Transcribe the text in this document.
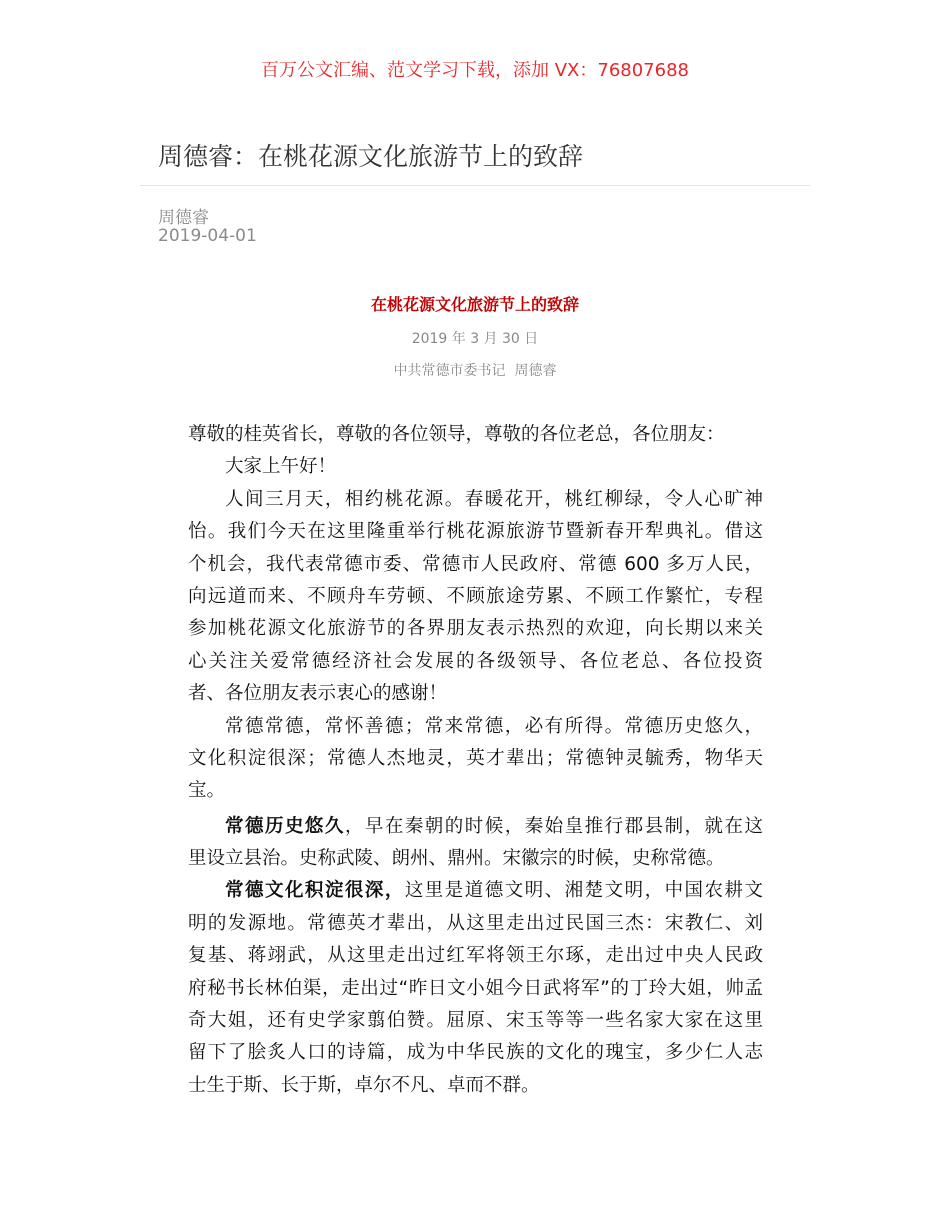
百万公文汇编、范文学习下载，添加 VX：76807688
周德睿：在桃花源文化旅游节上的致辞
周德睿
2019-04-01
在桃花源文化旅游节上的致辞
2019 年 3 月 30 日
中共常德市委书记  周德睿
尊敬的桂英省长，尊敬的各位领导，尊敬的各位老总，各位朋友：
大家上午好！
人间三月天，相约桃花源。春暖花开，桃红柳绿，令人心旷神
怡。我们今天在这里隆重举行桃花源旅游节暨新春开犁典礼。借这
个机会，我代表常德市委、常德市人民政府、常德 600 多万人民，
向远道而来、不顾舟车劳顿、不顾旅途劳累、不顾工作繁忙，专程
参加桃花源文化旅游节的各界朋友表示热烈的欢迎，向长期以来关
心关注关爱常德经济社会发展的各级领导、各位老总、各位投资
者、各位朋友表示衷心的感谢！
常德常德，常怀善德；常来常德，必有所得。常德历史悠久，
文化积淀很深；常德人杰地灵，英才辈出；常德钟灵毓秀，物华天
宝。
常德历史悠久，早在秦朝的时候，秦始皇推行郡县制，就在这
里设立县治。史称武陵、朗州、鼎州。宋徽宗的时候，史称常德。
常德文化积淀很深，这里是道德文明、湘楚文明，中国农耕文
明的发源地。常德英才辈出，从这里走出过民国三杰：宋教仁、刘
复基、蒋翊武，从这里走出过红军将领王尔琢，走出过中央人民政
府秘书长林伯渠，走出过“昨日文小姐今日武将军”的丁玲大姐，帅孟
奇大姐，还有史学家翦伯赞。屈原、宋玉等等一些名家大家在这里
留下了脍炙人口的诗篇，成为中华民族的文化的瑰宝，多少仁人志
士生于斯、长于斯，卓尔不凡、卓而不群。
